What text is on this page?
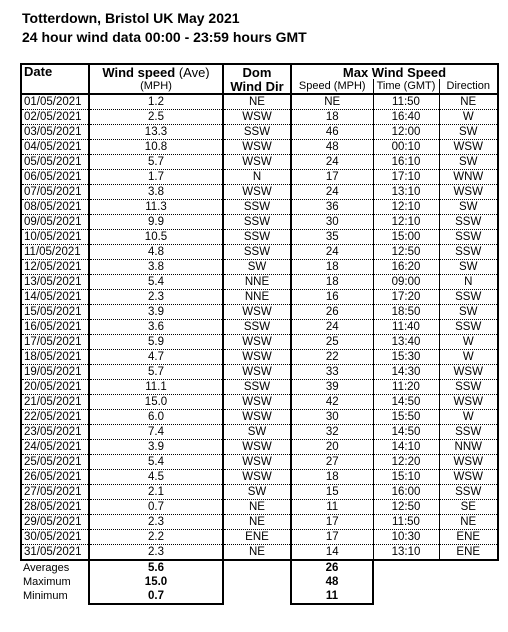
Totterdown, Bristol UK May 2021
24 hour wind data 00:00 - 23:59 hours GMT
Date	Wind speed (Ave)	Dom	Max Wind Speed		
	(MPH)	Wind Dir	Speed (MPH)	Time (GMT)	Direction
01/05/2021	1.2	NE	NE	11:50	NE
02/05/2021	2.5	WSW	18	16:40	W
03/05/2021	13.3	SSW	46	12:00	SW
04/05/2021	10.8	WSW	48	00:10	WSW
05/05/2021	5.7	WSW	24	16:10	SW
06/05/2021	1.7	N	17	17:10	WNW
07/05/2021	3.8	WSW	24	13:10	WSW
08/05/2021	11.3	SSW	36	12:10	SW
09/05/2021	9.9	SSW	30	12:10	SSW
10/05/2021	10.5	SSW	35	15:00	SSW
11/05/2021	4.8	SSW	24	12:50	SSW
12/05/2021	3.8	SW	18	16:20	SW
13/05/2021	5.4	NNE	18	09:00	N
14/05/2021	2.3	NNE	16	17:20	SSW
15/05/2021	3.9	WSW	26	18:50	SW
16/05/2021	3.6	SSW	24	11:40	SSW
17/05/2021	5.9	WSW	25	13:40	W
18/05/2021	4.7	WSW	22	15:30	W
19/05/2021	5.7	WSW	33	14:30	WSW
20/05/2021	11.1	SSW	39	11:20	SSW
21/05/2021	15.0	WSW	42	14:50	WSW
22/05/2021	6.0	WSW	30	15:50	W
23/05/2021	7.4	SW	32	14:50	SSW
24/05/2021	3.9	WSW	20	14:10	NNW
25/05/2021	5.4	WSW	27	12:20	WSW
26/05/2021	4.5	WSW	18	15:10	WSW
27/05/2021	2.1	SW	15	16:00	SSW
28/05/2021	0.7	NE	11	12:50	SE
29/05/2021	2.3	NE	17	11:50	NE
30/05/2021	2.2	ENE	17	10:30	ENE
31/05/2021	2.3	NE	14	13:10	ENE
Averages	5.6		26		
Maximum	15.0		48		
Minimum	0.7		11		
